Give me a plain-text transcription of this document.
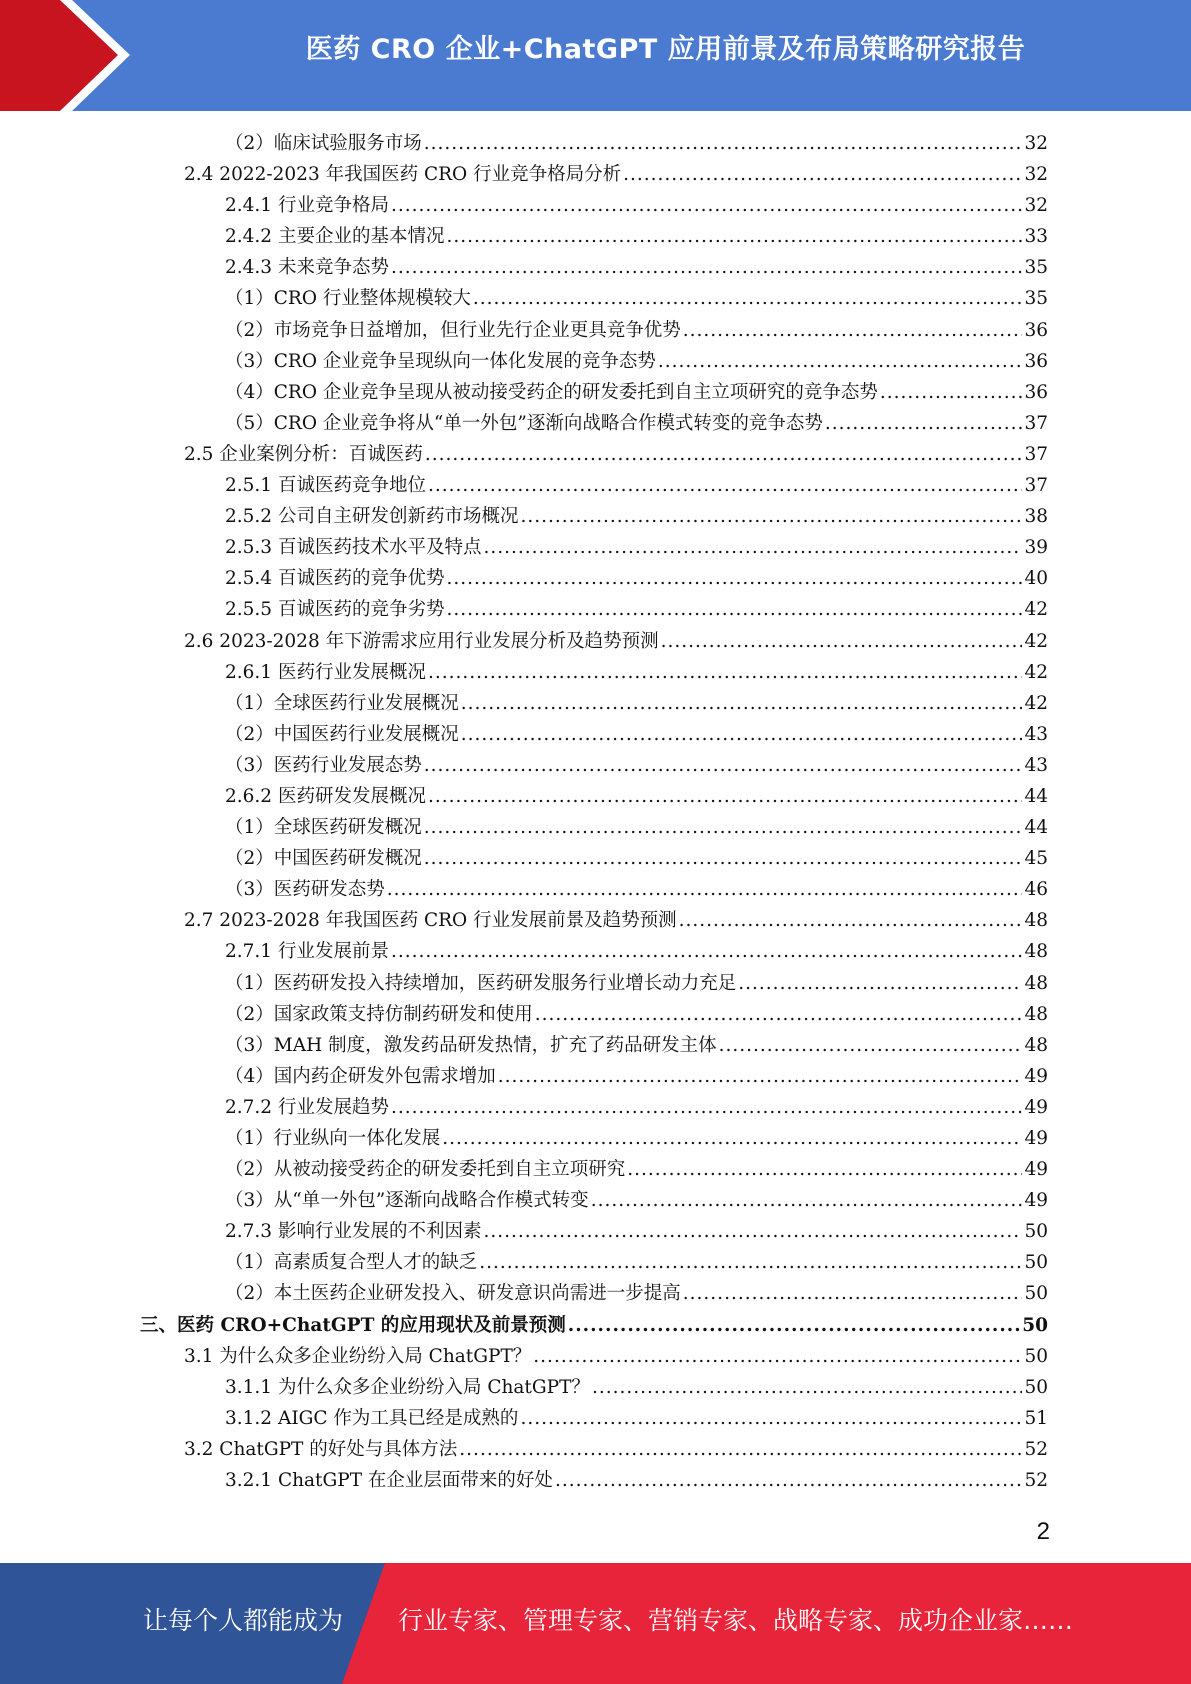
医药 CRO 企业+ChatGPT 应用前景及布局策略研究报告
（2）临床试验服务市场 .....	32
2.4 2022-2023 年我国医药 CRO 行业竞争格局分析 .....	32
2.4.1 行业竞争格局 .....	32
2.4.2 主要企业的基本情况 .....	33
2.4.3 未来竞争态势 .....	35
（1）CRO 行业整体规模较大 .....	35
（2）市场竞争日益增加，但行业先行企业更具竞争优势 .....	36
（3）CRO 企业竞争呈现纵向一体化发展的竞争态势 .....	36
（4）CRO 企业竞争呈现从被动接受药企的研发委托到自主立项研究的竞争态势 .....	36
（5）CRO 企业竞争将从“单一外包”逐渐向战略合作模式转变的竞争态势 .....	37
2.5 企业案例分析：百诚医药 .....	37
2.5.1 百诚医药竞争地位 .....	37
2.5.2 公司自主研发创新药市场概况 .....	38
2.5.3 百诚医药技术水平及特点 .....	39
2.5.4 百诚医药的竞争优势 .....	40
2.5.5 百诚医药的竞争劣势 .....	42
2.6 2023-2028 年下游需求应用行业发展分析及趋势预测 .....	42
2.6.1 医药行业发展概况 .....	42
（1）全球医药行业发展概况 .....	42
（2）中国医药行业发展概况 .....	43
（3）医药行业发展态势 .....	43
2.6.2 医药研发发展概况 .....	44
（1）全球医药研发概况 .....	44
（2）中国医药研发概况 .....	45
（3）医药研发态势 .....	46
2.7 2023-2028 年我国医药 CRO 行业发展前景及趋势预测 .....	48
2.7.1 行业发展前景 .....	48
（1）医药研发投入持续增加，医药研发服务行业增长动力充足 .....	48
（2）国家政策支持仿制药研发和使用 .....	48
（3）MAH 制度，激发药品研发热情，扩充了药品研发主体 .....	48
（4）国内药企研发外包需求增加 .....	49
2.7.2 行业发展趋势 .....	49
（1）行业纵向一体化发展 .....	49
（2）从被动接受药企的研发委托到自主立项研究 .....	49
（3）从“单一外包”逐渐向战略合作模式转变 .....	49
2.7.3 影响行业发展的不利因素 .....	50
（1）高素质复合型人才的缺乏 .....	50
（2）本土医药企业研发投入、研发意识尚需进一步提高 .....	50
三、医药 CRO+ChatGPT 的应用现状及前景预测 .....	50
3.1 为什么众多企业纷纷入局 ChatGPT？ .....	50
3.1.1 为什么众多企业纷纷入局 ChatGPT？ .....	50
3.1.2 AIGC 作为工具已经是成熟的 .....	51
3.2 ChatGPT 的好处与具体方法 .....	52
3.2.1 ChatGPT 在企业层面带来的好处 .....	52
2
让每个人都能成为 行业专家、管理专家、营销专家、战略专家、成功企业家……
